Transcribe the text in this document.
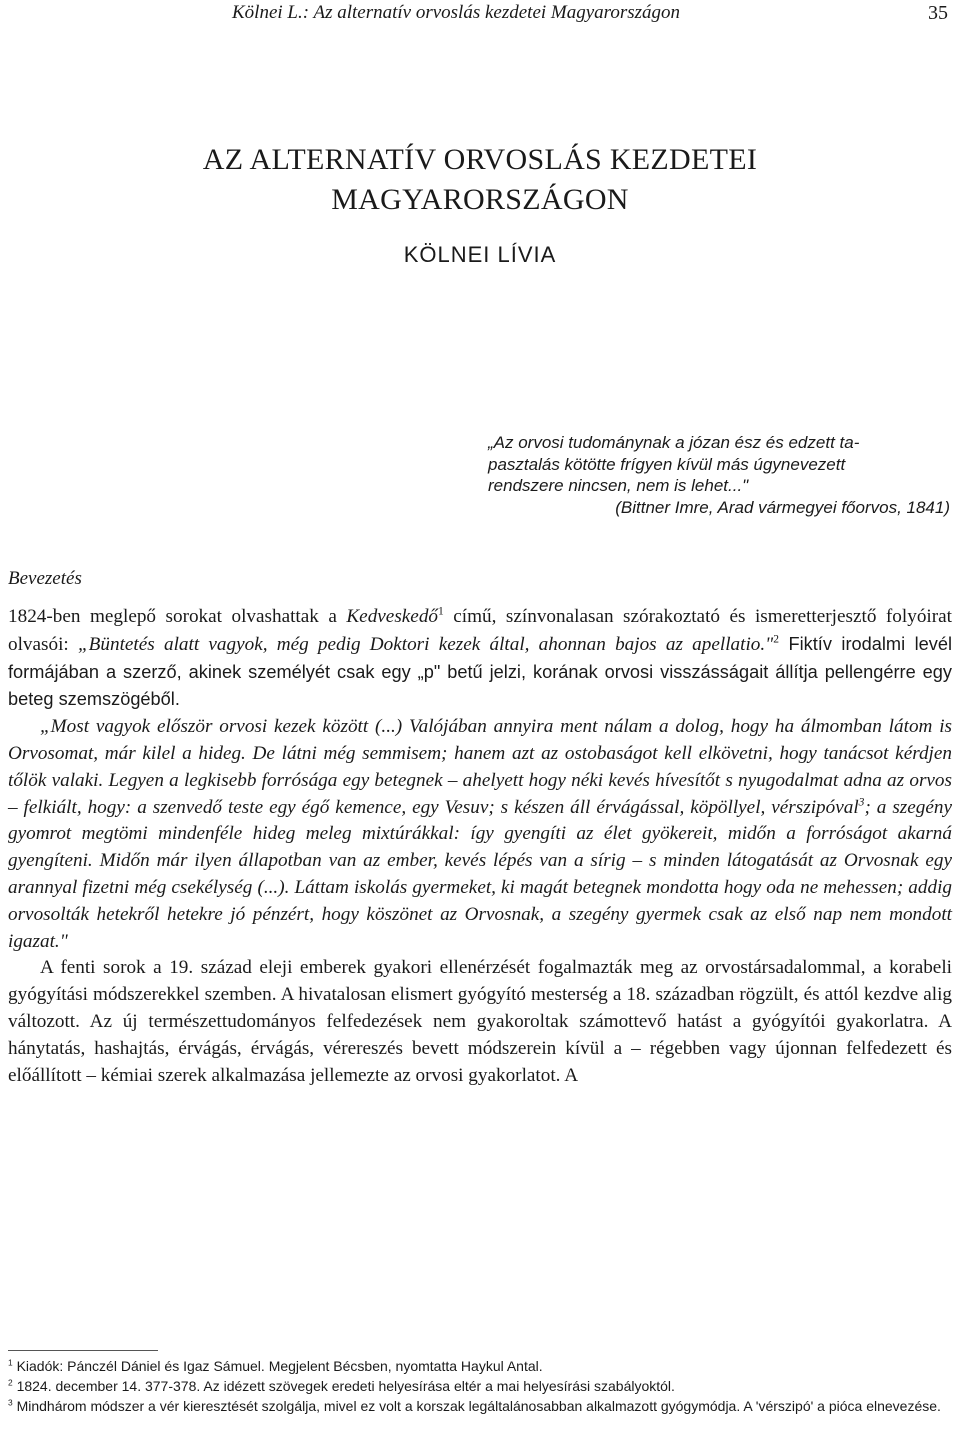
Kölnei L.: Az alternatív orvoslás kezdetei Magyarországon	35
AZ ALTERNATÍV ORVOSLÁS KEZDETEI
MAGYARORSZÁGON
KÖLNEI LÍVIA
„Az orvosi tudománynak a józan ész és edzett ta-
pasztalás kötötte frígyen kívül más úgynevezett
rendszere nincsen, nem is lehet..."
(Bittner Imre, Arad vármegyei főorvos, 1841)
Bevezetés

1824-ben meglepő sorokat olvashattak a Kedveskedő$^1$ című, színvonalasan szórakoztató és ismeretterjesztő folyóirat olvasói: „Büntetés alatt vagyok, még pedig Doktori kezek által, ahonnan bajos az apellatio."$^2$ Fiktív irodalmi levél formájában a szerző, akinek személyét csak egy „p" betű jelzi, korának orvosi visszásságait állítja pellengérre egy beteg szemszögéből.

„Most vagyok először orvosi kezek között (...) Valójában annyira ment nálam a dolog, hogy ha álmomban látom is Orvosomat, már kilel a hideg. De látni még semmisem; hanem azt az ostobaságot kell elkövetni, hogy tanácsot kérdjen tőlök valaki. Legyen a legkisebb forrósága egy betegnek – ahelyett hogy néki kevés hívesítőt s nyugodalmat adna az orvos – felkiált, hogy: a szenvedő teste egy égő kemence, egy Vesuv; s készen áll érvágással, köpöllyel, vérszipóval$^3$; a szegény gyomrot megtömi mindenféle hideg meleg mixtúrákkal: így gyengíti az élet gyökereit, midőn a forróságot akarná gyengíteni. Midőn már ilyen állapotban van az ember, kevés lépés van a sírig – s minden látogatását az Orvosnak egy arannyal fizetni még csekélység (...). Láttam iskolás gyermeket, ki magát betegnek mondotta hogy oda ne mehessen; addig orvosolták hetekről hetekre jó pénzért, hogy köszönet az Orvosnak, a szegény gyermek csak az első nap nem mondott igazat."

A fenti sorok a 19. század eleji emberek gyakori ellenérzését fogalmazták meg az orvostársadalommal, a korabeli gyógyítási módszerekkel szemben. A hivatalosan elismert gyógyító mesterség a 18. században rögzült, és attól kezdve alig változott. Az új természettudományos felfedezések nem gyakoroltak számottevő hatást a gyógyítói gyakorlatra. A hánytatás, hashajtás, érvágás, érvágás, vérereszés bevett módszerein kívül a – régebben vagy újonnan felfedezett és előállított – kémiai szerek alkalmazása jellemezte az orvosi gyakorlatot. A

$^1$ Kiadók: Pánczél Dániel és Igaz Sámuel. Megjelent Bécsben, nyomtatta Haykul Antal.
$^2$ 1824. december 14. 377-378. Az idézett szövegek eredeti helyesírása eltér a mai helyesírási szabályoktól.
$^3$ Mindhárom módszer a vér kieresztését szolgálja, mivel ez volt a korszak legáltalánosabban alkalmazott gyógymódja. A 'vérszipó' a pióca elnevezése.
